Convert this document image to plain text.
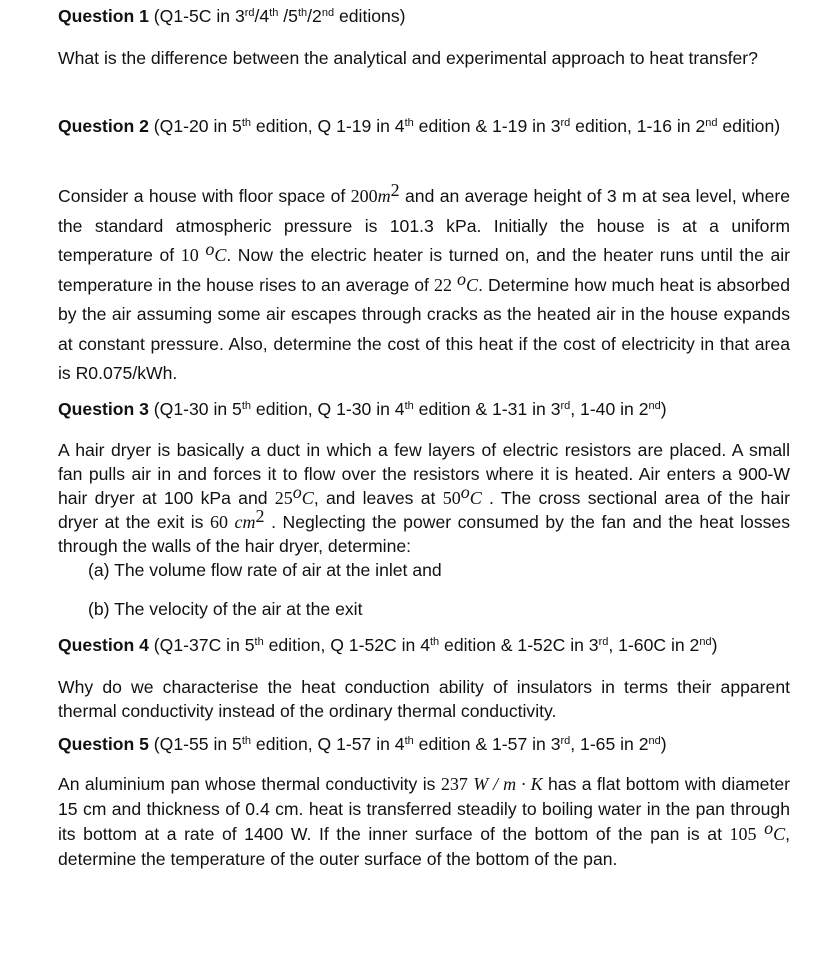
Question 1 (Q1-5C in 3rd/4th /5th/2nd editions)

What is the difference between the analytical and experimental approach to heat transfer?

Question 2 (Q1-20 in 5th edition, Q 1-19 in 4th edition & 1-19 in 3rd edition, 1-16 in 2nd edition)

Consider a house with floor space of $200m^2$ and an average height of 3 m at sea level, where the standard atmospheric pressure is 101.3 kPa. Initially the house is at a uniform temperature of 10 $^o$C. Now the electric heater is turned on, and the heater runs until the air temperature in the house rises to an average of 22 $^o$C. Determine how much heat is absorbed by the air assuming some air escapes through cracks as the heated air in the house expands at constant pressure. Also, determine the cost of this heat if the cost of electricity in that area is R0.075/kWh.

Question 3 (Q1-30 in 5th edition, Q 1-30 in 4th edition & 1-31 in 3rd, 1-40 in 2nd)

A hair dryer is basically a duct in which a few layers of electric resistors are placed. A small fan pulls air in and forces it to flow over the resistors where it is heated. Air enters a 900-W hair dryer at 100 kPa and 25$^o$C, and leaves at 50$^o$C . The cross sectional area of the hair dryer at the exit is 60 $cm^2$ . Neglecting the power consumed by the fan and the heat losses through the walls of the hair dryer, determine:

(a) The volume flow rate of air at the inlet and

(b) The velocity of the air at the exit

Question 4 (Q1-37C in 5th edition, Q 1-52C in 4th edition & 1-52C in 3rd, 1-60C in 2nd)

Why do we characterise the heat conduction ability of insulators in terms their apparent thermal conductivity instead of the ordinary thermal conductivity.

Question 5 (Q1-55 in 5th edition, Q 1-57 in 4th edition & 1-57 in 3rd, 1-65 in 2nd)

An aluminium pan whose thermal conductivity is 237 W / m · K has a flat bottom with diameter 15 cm and thickness of 0.4 cm. heat is transferred steadily to boiling water in the pan through its bottom at a rate of 1400 W. If the inner surface of the bottom of the pan is at 105 $^o$C, determine the temperature of the outer surface of the bottom of the pan.
